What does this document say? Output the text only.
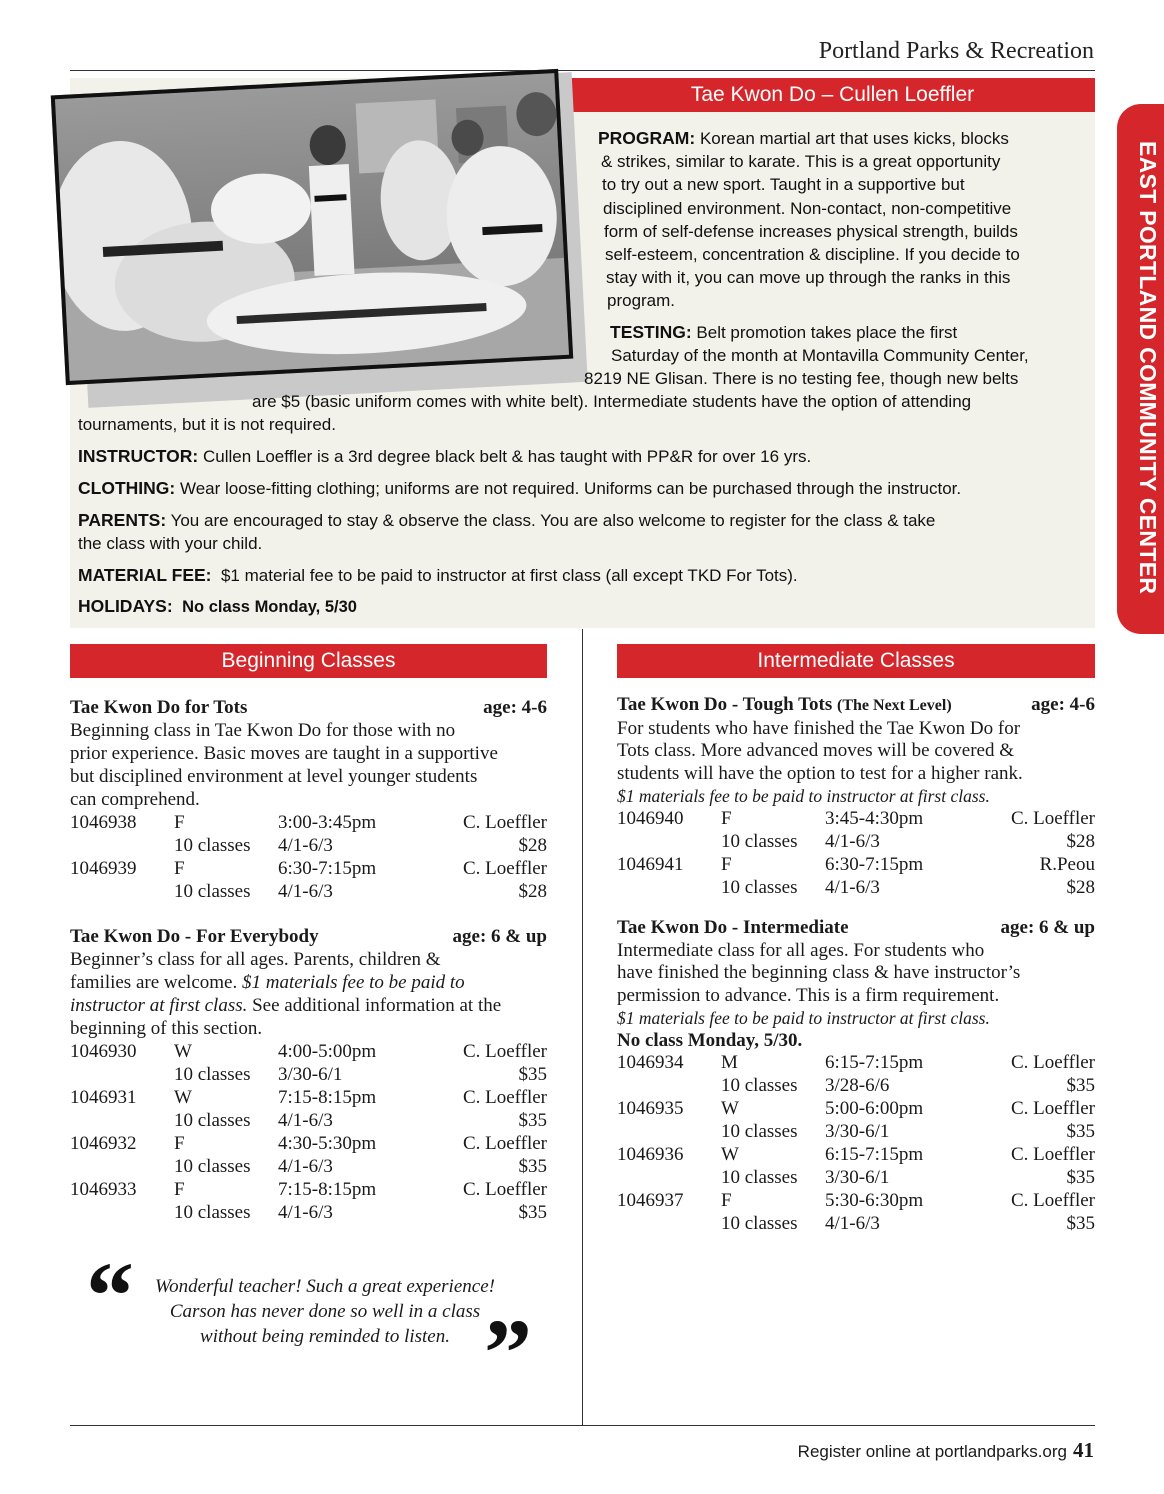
Portland Parks & Recreation
Tae Kwon Do – Cullen Loeffler
PROGRAM: Korean martial art that uses kicks, blocks
& strikes, similar to karate. This is a great opportunity
to try out a new sport. Taught in a supportive but
disciplined environment. Non-contact, non-competitive
form of self-defense increases physical strength, builds
self-esteem, concentration & discipline. If you decide to
stay with it, you can move up through the ranks in this
program.
TESTING: Belt promotion takes place the first
Saturday of the month at Montavilla Community Center,
8219 NE Glisan. There is no testing fee, though new belts
are $5 (basic uniform comes with white belt). Intermediate students have the option of attending
tournaments, but it is not required.
INSTRUCTOR: Cullen Loeffler is a 3rd degree black belt & has taught with PP&R for over 16 yrs.
CLOTHING: Wear loose-fitting clothing; uniforms are not required. Uniforms can be purchased through the instructor.
PARENTS: You are encouraged to stay & observe the class. You are also welcome to register for the class & take
the class with your child.
MATERIAL FEE: $1 material fee to be paid to instructor at first class (all except TKD For Tots).
HOLIDAYS: No class Monday, 5/30
EAST PORTLAND COMMUNITY CENTER
Beginning Classes
Tae Kwon Do for Tots	age: 4-6
Beginning class in Tae Kwon Do for those with no
prior experience. Basic moves are taught in a supportive
but disciplined environment at level younger students
can comprehend.
1046938	F	3:00-3:45pm	C. Loeffler
10 classes	4/1-6/3	$28
1046939	F	6:30-7:15pm	C. Loeffler
10 classes	4/1-6/3	$28
Tae Kwon Do - For Everybody	age: 6 & up
Beginner’s class for all ages. Parents, children &
families are welcome. $1 materials fee to be paid to
instructor at first class. See additional information at the
beginning of this section.
1046930	W	4:00-5:00pm	C. Loeffler
10 classes	3/30-6/1	$35
1046931	W	7:15-8:15pm	C. Loeffler
10 classes	4/1-6/3	$35
1046932	F	4:30-5:30pm	C. Loeffler
10 classes	4/1-6/3	$35
1046933	F	7:15-8:15pm	C. Loeffler
10 classes	4/1-6/3	$35
“	Wonderful teacher! Such a great experience!
Carson has never done so well in a class
without being reminded to listen. ”
Intermediate Classes
Tae Kwon Do - Tough Tots (The Next Level)	age: 4-6
For students who have finished the Tae Kwon Do for
Tots class. More advanced moves will be covered &
students will have the option to test for a higher rank.
$1 materials fee to be paid to instructor at first class.
1046940	F	3:45-4:30pm	C. Loeffler
10 classes	4/1-6/3	$28
1046941	F	6:30-7:15pm	R.Peou
10 classes	4/1-6/3	$28
Tae Kwon Do - Intermediate	age: 6 & up
Intermediate class for all ages. For students who
have finished the beginning class & have instructor’s
permission to advance. This is a firm requirement.
$1 materials fee to be paid to instructor at first class.
No class Monday, 5/30.
1046934	M	6:15-7:15pm	C. Loeffler
10 classes	3/28-6/6	$35
1046935	W	5:00-6:00pm	C. Loeffler
10 classes	3/30-6/1	$35
1046936	W	6:15-7:15pm	C. Loeffler
10 classes	3/30-6/1	$35
1046937	F	5:30-6:30pm	C. Loeffler
10 classes	4/1-6/3	$35
Register online at portlandparks.org 41
